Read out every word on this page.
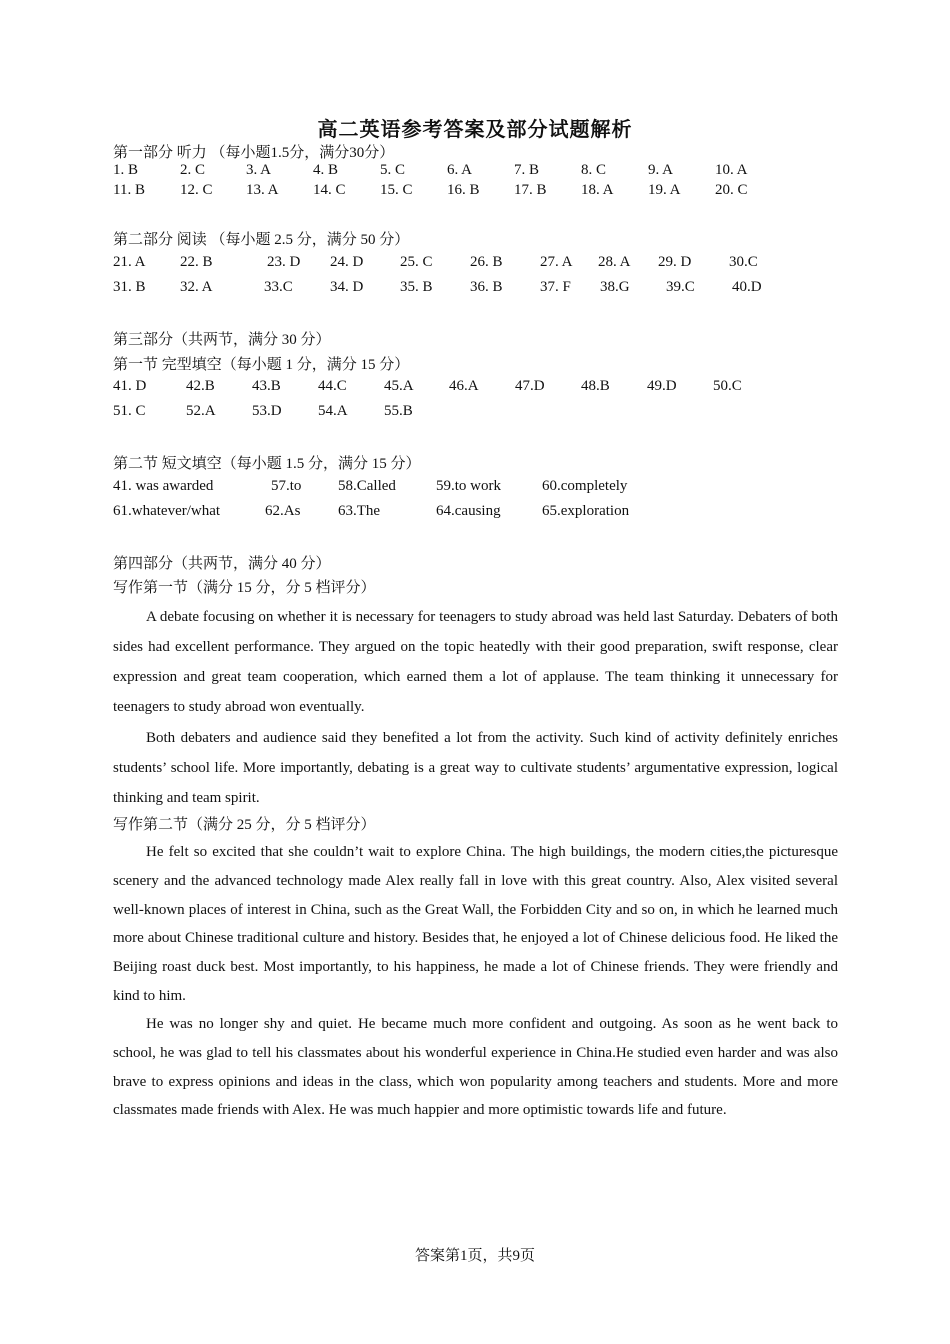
高二英语参考答案及部分试题解析
第一部分 听力 （每小题1.5分，满分30分）
1. B	2. C	3. A	4. B	5. C	6. A	7. B	8. C	9. A	10. A
11. B 12. C 13. A 14. C 15. C 16. B 17. B 18. A 19. A 20. C
第二部分 阅读 （每小题 2.5 分，满分 50 分）
21. A 22. B	23. D 24. D 25. C 26. B 27. A 28. A 29. D	30.C
31. B 32. A	33.C 34. D 35. B 36. B 37. F 38.G 39.C 40.D
第三部分（共两节，满分 30 分）
第一节 完型填空（每小题 1 分，满分 15 分）
41. D	42.B 43.B 44.C 45.A 46.A 47.D 48.B 49.D 50.C
51. C	52.A 53.D 54.A 55.B
第二节 短文填空（每小题 1.5 分，满分 15 分）
41. was awarded	57.to 58.Called	59.to work	60.completely
61.whatever/what	62.As	63.The	64.causing	65.exploration
第四部分（共两节，满分 40 分）
写作第一节（满分 15 分，分 5 档评分）

A debate focusing on whether it is necessary for teenagers to study abroad was held last Saturday. Debaters of both sides had excellent performance. They argued on the topic heatedly with their good preparation, swift response, clear expression and great team cooperation, which earned them a lot of applause. The team thinking it unnecessary for teenagers to study abroad won eventually.

Both debaters and audience said they benefited a lot from the activity. Such kind of activity definitely enriches students’ school life. More importantly, debating is a great way to cultivate students’ argumentative expression, logical thinking and team spirit.

写作第二节（满分 25 分，分 5 档评分）

He felt so excited that she couldn’t wait to explore China. The high buildings, the modern cities,the picturesque scenery and the advanced technology made Alex really fall in love with this great country. Also, Alex visited several well-known places of interest in China, such as the Great Wall, the Forbidden City and so on, in which he learned much more about Chinese traditional culture and history. Besides that, he enjoyed a lot of Chinese delicious food. He liked the Beijing roast duck best. Most importantly, to his happiness, he made a lot of Chinese friends. They were friendly and kind to him.

He was no longer shy and quiet. He became much more confident and outgoing. As soon as he went back to school, he was glad to tell his classmates about his wonderful experience in China.He studied even harder and was also brave to express opinions and ideas in the class, which won popularity among teachers and students. More and more classmates made friends with Alex. He was much happier and more optimistic towards life and future.

答案第1页，共9页
